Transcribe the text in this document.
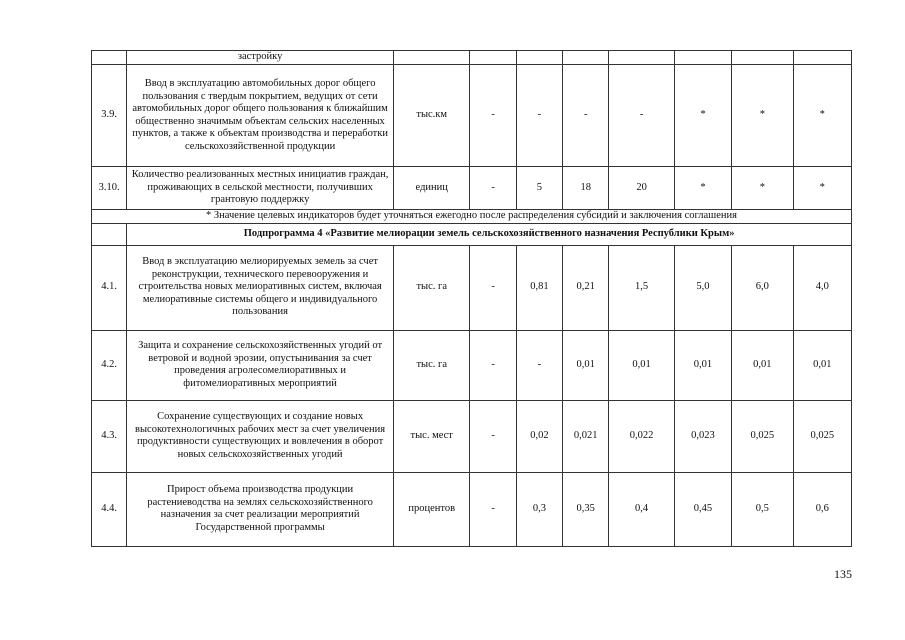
	застройку								
3.9.	Ввод в эксплуатацию автомобильных дорог общего пользования с твердым покрытием, ведущих от сети автомобильных дорог общего пользования к ближайшим общественно значимым объектам сельских населенных пунктов, а также к объектам производства и переработки сельскохозяйственной продукции	тыс.км	-	-	-	-	*	*	*
3.10.	Количество реализованных местных инициатив граждан, проживающих в сельской местности, получивших грантовую поддержку	единиц	-	5	18	20	*	*	*
* Значение целевых индикаторов будет уточняться ежегодно после распределения субсидий и заключения соглашения									
	Подпрограмма 4 «Развитие мелиорации земель сельскохозяйственного назначения Республики Крым»								
4.1.	Ввод в эксплуатацию мелиорируемых земель за счет реконструкции, технического перевооружения и строительства новых мелиоративных систем, включая мелиоративные системы общего и индивидуального пользования	тыс. га	-	0,81	0,21	1,5	5,0	6,0	4,0
4.2.	Защита и сохранение сельскохозяйственных угодий от ветровой и водной эрозии, опустынивания за счет проведения агролесомелиоративных и фитомелиоративных мероприятий	тыс. га	-	-	0,01	0,01	0,01	0,01	0,01
4.3.	Сохранение существующих и создание новых высокотехнологичных рабочих мест за счет увеличения продуктивности существующих и вовлечения в оборот новых сельскохозяйственных угодий	тыс. мест	-	0,02	0,021	0,022	0,023	0,025	0,025
4.4.	Прирост объема производства продукции растениеводства на землях сельскохозяйственного назначения за счет реализации мероприятий Государственной программы	процентов	-	0,3	0,35	0,4	0,45	0,5	0,6
135
